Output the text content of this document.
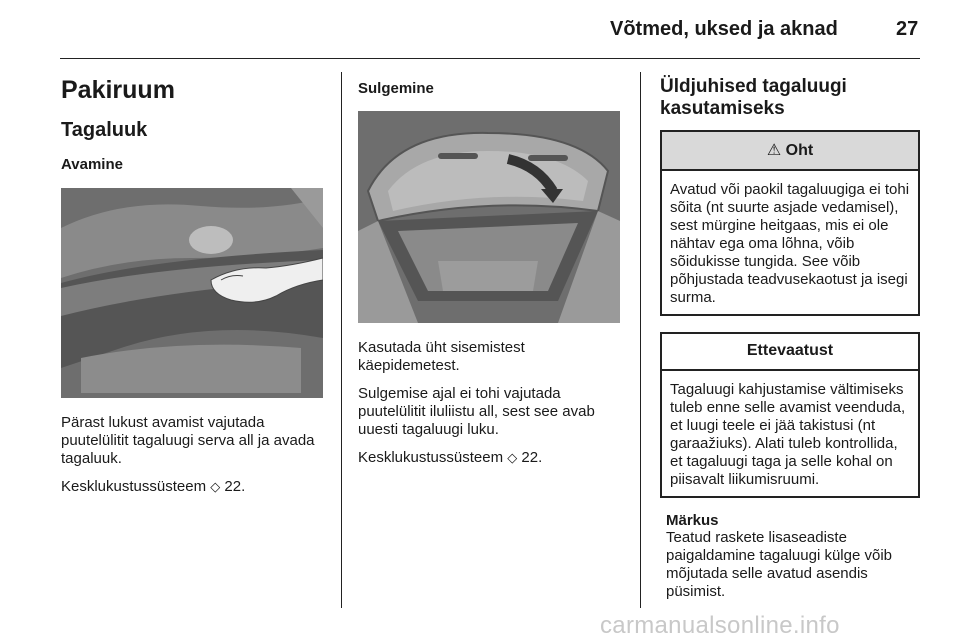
Võtmed, uksed ja aknad	27
Pakiruum
Tagaluuk
Avamine
Pärast lukust avamist vajutada puutelülitit tagaluugi serva all ja avada tagaluuk.
Kesklukustussüsteem ◇ 22.
Sulgemine
Kasutada üht sisemistest käepidemetest.
Sulgemise ajal ei tohi vajutada puutelülitit iluliistu all, sest see avab uuesti tagaluugi luku.
Kesklukustussüsteem ◇ 22.
Üldjuhised tagaluugi kasutamiseks
⚠ Oht
Avatud või paokil tagaluugiga ei tohi sõita (nt suurte asjade vedamisel), sest mürgine heitgaas, mis ei ole nähtav ega oma lõhna, võib sõidukisse tungida. See võib põhjustada teadvusekaotust ja isegi surma.
Ettevaatust
Tagaluugi kahjustamise vältimiseks tuleb enne selle avamist veenduda, et luugi teele ei jää takistusi (nt garaažiuks). Alati tuleb kontrollida, et tagaluugi taga ja selle kohal on piisavalt liikumisruumi.
Märkus
Teatud raskete lisaseadiste paigaldamine tagaluugi külge võib mõjutada selle avatud asendis püsimist.
carmanualsonline.info
